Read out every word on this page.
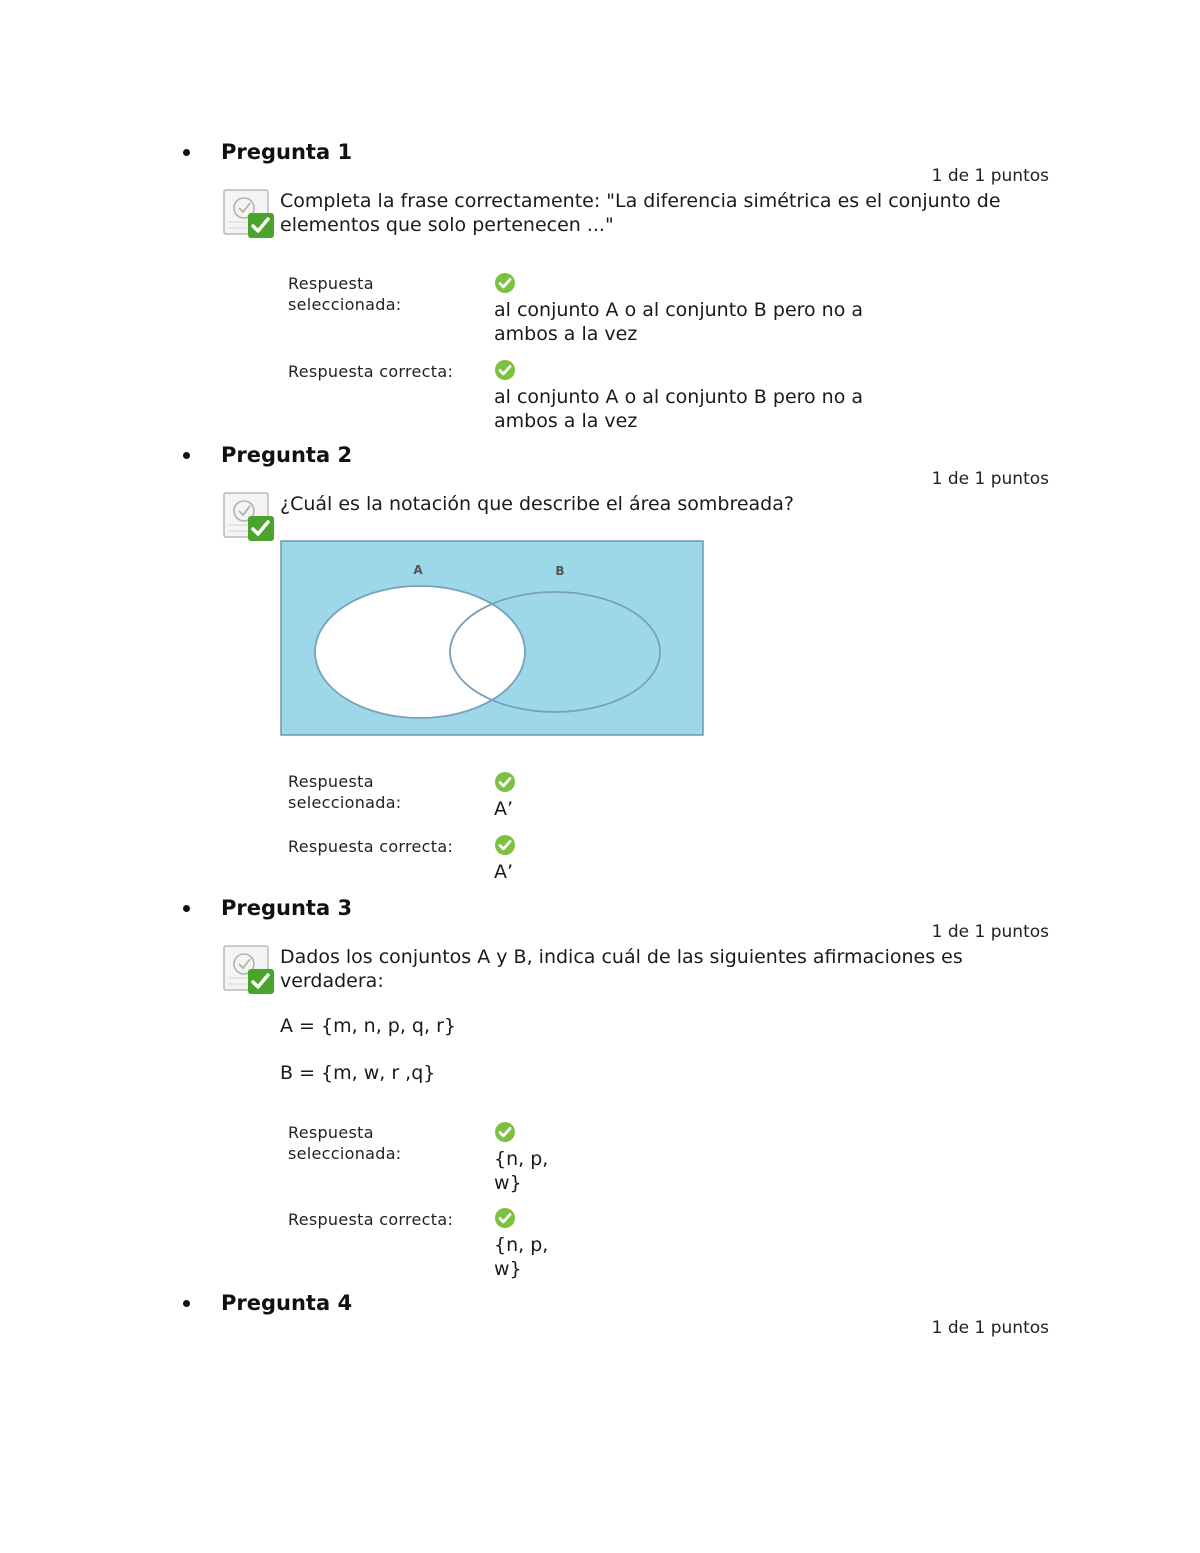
Pregunta 1
1 de 1 puntos
Completa la frase correctamente: "La diferencia simétrica es el conjunto de elementos que solo pertenecen ..."
Respuesta seleccionada:	al conjunto A o al conjunto B pero no a ambos a la vez
Respuesta correcta:
al conjunto A o al conjunto B pero no a ambos a la vez
Pregunta 2
1 de 1 puntos
¿Cuál es la notación que describe el área sombreada?
A	B
Respuesta seleccionada:	A’
Respuesta correcta:
A’
Pregunta 3
1 de 1 puntos
Dados los conjuntos A y B, indica cuál de las siguientes afirmaciones es verdadera:
A = {m, n, p, q, r}
B = {m, w, r ,q}
Respuesta seleccionada:	{n, p, w}
Respuesta correcta:
{n, p, w}
Pregunta 4
1 de 1 puntos
